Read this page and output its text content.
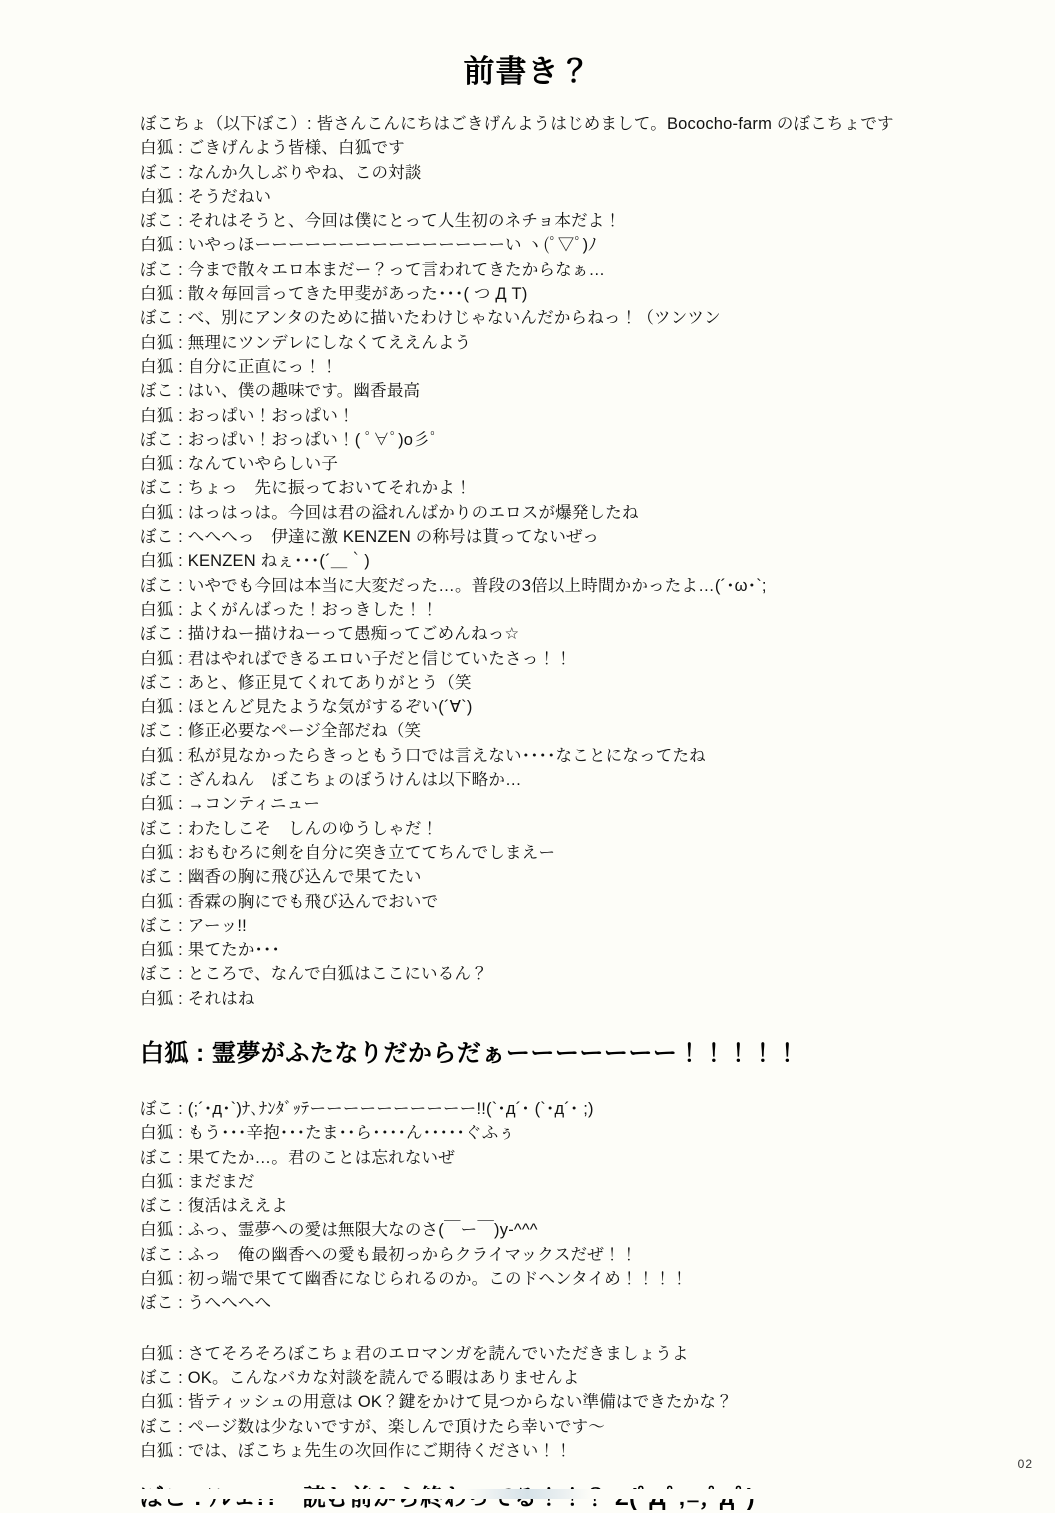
前書き？
ぼこちょ（以下ぼこ）: 皆さんこんにちはごきげんようはじめまして。Bococho-farm のぼこちょです
白狐 : ごきげんよう皆様、白狐です
ぼこ : なんか久しぶりやね、この対談
白狐 : そうだねい
ぼこ : それはそうと、今回は僕にとって人生初のネチョ本だよ！
白狐 : いやっほーーーーーーーーーーーーーーーい ヽ(ﾟ▽ﾟ)ﾉ
ぼこ : 今まで散々エロ本まだー？って言われてきたからなぁ…
白狐 : 散々毎回言ってきた甲斐があった･･･( つ Д T)
ぼこ : べ、別にアンタのために描いたわけじゃないんだからねっ！（ツンツン
白狐 : 無理にツンデレにしなくてええんよう
白狐 : 自分に正直にっ！！
ぼこ : はい、僕の趣味です。幽香最高
白狐 : おっぱい！おっぱい！
ぼこ : おっぱい！おっぱい！( ﾟ∀ﾟ)o彡ﾟ
白狐 : なんていやらしい子
ぼこ : ちょっ　先に振っておいてそれかよ！
白狐 : はっはっは。今回は君の溢れんばかりのエロスが爆発したね
ぼこ : へへへっ　伊達に激 KENZEN の称号は貰ってないぜっ
白狐 : KENZEN ねぇ･･･(´＿｀)
ぼこ : いやでも今回は本当に大変だった…。普段の3倍以上時間かかったよ…(´･ω･`;
白狐 : よくがんばった！おっきした！！
ぼこ : 描けねー描けねーって愚痴ってごめんねっ☆
白狐 : 君はやればできるエロい子だと信じていたさっ！！
ぼこ : あと、修正見てくれてありがとう（笑
白狐 : ほとんど見たような気がするぞい(´∀`)
ぼこ : 修正必要なページ全部だね（笑
白狐 : 私が見なかったらきっともう口では言えない････なことになってたね
ぼこ : ざんねん　ぼこちょのぼうけんは以下略か…
白狐 : →コンティニュー
ぼこ : わたしこそ　しんのゆうしゃだ！
白狐 : おもむろに剣を自分に突き立ててちんでしまえー
ぼこ : 幽香の胸に飛び込んで果てたい
白狐 : 香霖の胸にでも飛び込んでおいで
ぼこ : アーッ!!
白狐 : 果てたか･･･
ぼこ : ところで、なんで白狐はここにいるん？
白狐 : それはね
白狐 : 霊夢がふたなりだからだぁーーーーーーー！！！！！
ぼこ : (;´･д･`)ﾅ､ﾅﾝﾀﾞｯﾃーーーーーーーーーー!!(`･д´･ (`･д´･ ;)
白狐 : もう･･･辛抱･･･たま･･ら････ん･････ぐふぅ
ぼこ : 果てたか…。君のことは忘れないぜ
白狐 : まだまだ
ぼこ : 復活はええよ
白狐 : ふっ、霊夢への愛は無限大なのさ(￣ー￣)y-^^^
ぼこ : ふっ　俺の幽香への愛も最初っからクライマックスだぜ！！
白狐 : 初っ端で果てて幽香になじられるのか。このドヘンタイめ！！！！
ぼこ : うへへへへ
白狐 : さてそろそろぼこちょ君のエロマンガを読んでいただきましょうよ
ぼこ : OK。こんなバカな対談を読んでる暇はありませんよ
白狐 : 皆ティッシュの用意は OK？鍵をかけて見つからない準備はできたかな？
ぼこ : ページ数は少ないですが、楽しんで頂けたら幸いです〜
白狐 : では、ぼこちょ先生の次回作にご期待ください！！
02
